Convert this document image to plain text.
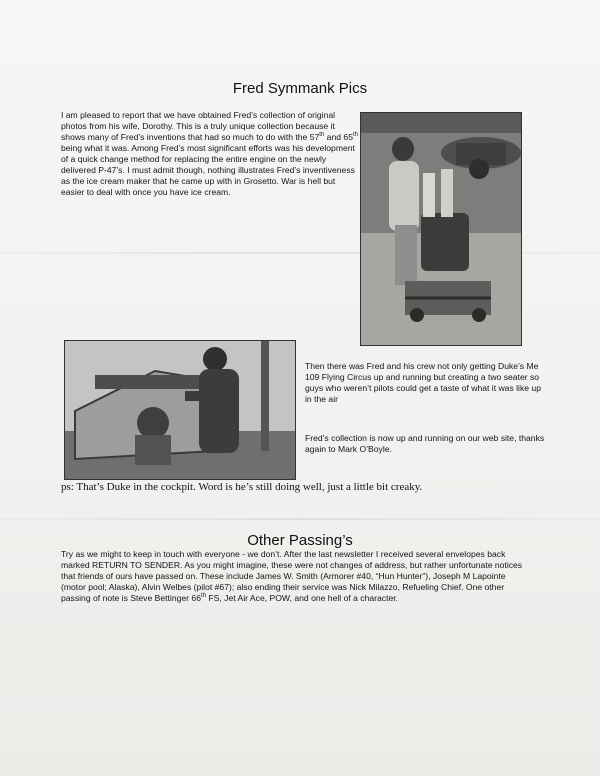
Fred Symmank Pics
I am pleased to report that we have obtained Fred’s collection of original photos from his wife, Dorothy. This is a truly unique collection because it shows many of Fred’s inventions that had so much to do with the 57th and 65th being what it was. Among Fred’s most significant efforts was his development of a quick change method for replacing the entire engine on the newly delivered P-47’s. I must admit though, nothing illustrates Fred’s inventiveness as the ice cream maker that he came up with in Grosetto. War is hell but easier to deal with once you have ice cream.
Then there was Fred and his crew not only getting Duke’s Me 109 Flying Circus up and running but creating a two seater so guys who weren’t pilots could get a taste of what it was like up in the air
Fred’s collection is now up and running on our web site, thanks again to Mark O’Boyle.
ps: That’s Duke in the cockpit. Word is he’s still doing well, just a little bit creaky.
Other Passing’s
Try as we might to keep in touch with everyone - we don’t. After the last newsletter I received several envelopes back marked RETURN TO SENDER. As you might imagine, these were not changes of address, but rather unfortunate notices that friends of ours have passed on. These include James W. Smith (Armorer #40, “Hun Hunter”), Joseph M Lapointe (motor pool; Alaska), Alvin Welbes (pilot #67); also ending their service was Nick Milazzo, Refueling Chief. One other passing of note is Steve Bettinger 66th FS, Jet Air Ace, POW, and one hell of a character.
